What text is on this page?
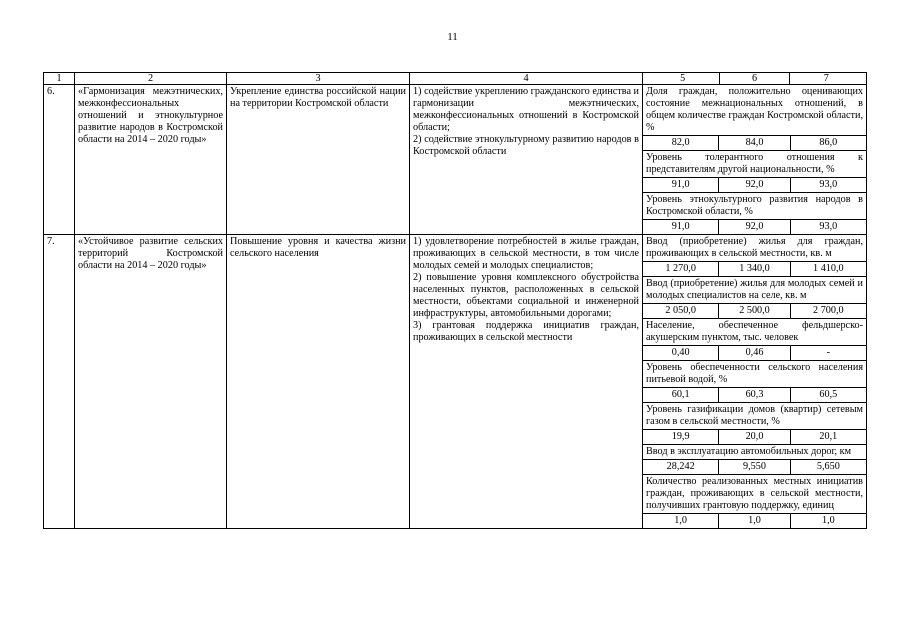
11
1	2	3	4		5	6	7

6.	«Гармонизация межэтнических, межконфессиональных отношений и этнокультурное развитие народов в Костромской области на 2014 – 2020 годы»	Укрепление единства российской нации на территории Костромской области	
1) содействие укреплению гражданского единства и гармонизации межэтнических, межконфессиональных отношений в Костромской области;
2) содействие этнокультурному развитию народов в Костромской области

Доля граждан, положительно оценивающих состояние межнациональных отношений, в общем количестве граждан Костромской области, %
82,0	84,0	86,0
Уровень толерантного отношения к представителям другой национальности, %
91,0	92,0	93,0
Уровень этнокультурного развития народов в Костромской области, %
91,0	92,0	93,0

7.	«Устойчивое развитие сельских территорий Костромской области на 2014 – 2020 годы»	Повышение уровня и качества жизни сельского населения	
1) удовлетворение потребностей в жилье граждан, проживающих в сельской местности, в том числе молодых семей и молодых специалистов;
2) повышение уровня комплексного обустройства населенных пунктов, расположенных в сельской местности, объектами социальной и инженерной инфраструктуры, автомобильными дорогами;
3) грантовая поддержка инициатив граждан, проживающих в сельской местности

Ввод (приобретение) жилья для граждан, проживающих в сельской местности, кв. м
1 270,0	1 340,0	1 410,0
Ввод (приобретение) жилья для молодых семей и молодых специалистов на селе, кв. м
2 050,0	2 500,0	2 700,0
Население, обеспеченное фельдшерско-акушерским пунктом, тыс. человек
0,40	0,46	-
Уровень обеспеченности сельского населения питьевой водой, %
60,1	60,3	60,5
Уровень газификации домов (квартир) сетевым газом в сельской местности, %
19,9	20,0	20,1
Ввод в эксплуатацию автомобильных дорог, км
28,242	9,550	5,650
Количество реализованных местных инициатив граждан, проживающих в сельской местности, получивших грантовую поддержку, единиц
1,0	1,0	1,0
